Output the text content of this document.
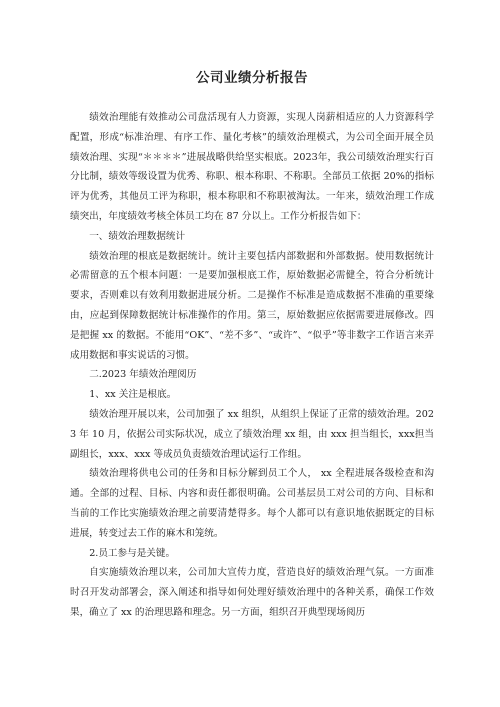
公司业绩分析报告

绩效治理能有效推动公司盘活现有人力资源，实现人岗薪相适应的人力资源科学配置，形成“标准治理、有序工作、量化考核”的绩效治理模式，为公司全面开展全员绩效治理、实现“＊＊＊＊”进展战略供给坚实根底。2023年，我公司绩效治理实行百分比制，绩效等级设置为优秀、称职、根本称职、不称职。全部员工依据 20%的指标评为优秀，其他员工评为称职，根本称职和不称职被淘汰。一年来，绩效治理工作成绩突出，年度绩效考核全体员工均在 87 分以上。工作分析报告如下：

一、绩效治理数据统计

绩效治理的根底是数据统计。统计主要包括内部数据和外部数据。使用数据统计必需留意的五个根本问题：一是要加强根底工作，原始数据必需健全，符合分析统计要求，否则难以有效利用数据进展分析。二是操作不标准是造成数据不准确的重要缘由，应起到保障数据统计标准操作的作用。第三，原始数据应依据需要进展修改。四是把握 xx 的数据。不能用“OK”、“差不多”、“或许”、“似乎”等非数字工作语言来弄成用数据和事实说话的习惯。

二.2023 年绩效治理阅历

1、xx 关注是根底。

绩效治理开展以来，公司加强了 xx 组织，从组织上保证了正常的绩效治理。2023 年 10 月，依据公司实际状况，成立了绩效治理 xx 组，由 xxx 担当组长，xxx担当副组长，xxx、xxx 等成员负责绩效治理试运行工作组。

绩效治理将供电公司的任务和目标分解到员工个人， xx 全程进展各级检查和沟通。全部的过程、目标、内容和责任都很明确。公司基层员工对公司的方向、目标和当前的工作比实施绩效治理之前要清楚得多。每个人都可以有意识地依据既定的目标进展，转变过去工作的麻木和笼统。

2.员工参与是关键。

自实施绩效治理以来，公司加大宣传力度，营造良好的绩效治理气氛。一方面准时召开发动部署会，深入阐述和指导如何处理好绩效治理中的各种关系，确保工作效果，确立了 xx 的治理思路和理念。另一方面，组织召开典型现场阅历
